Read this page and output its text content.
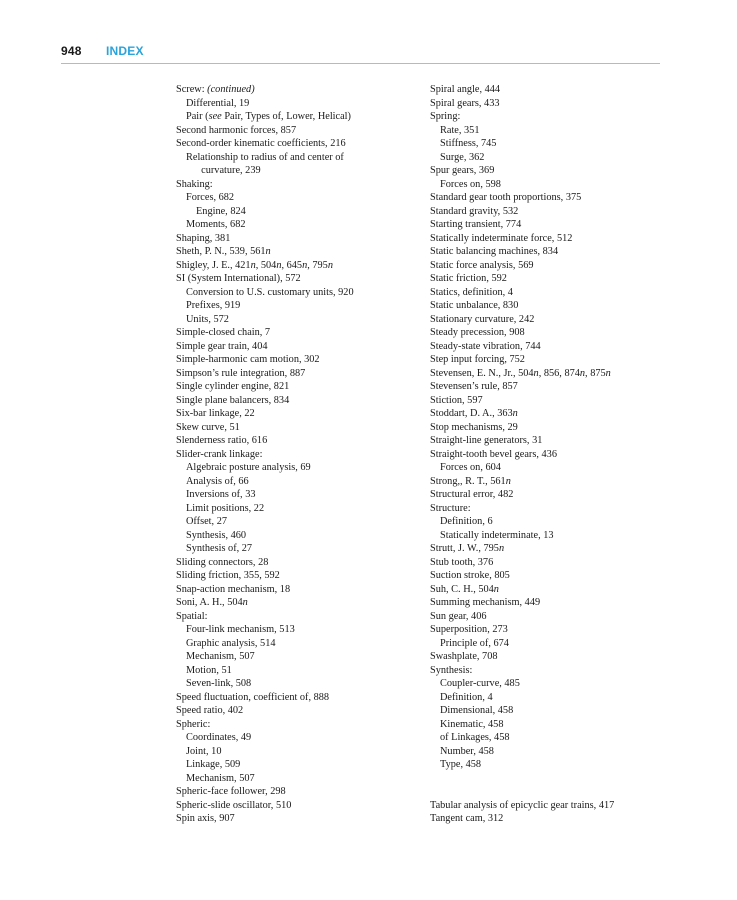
948 INDEX
Screw: (continued)
Differential, 19
Pair (see Pair, Types of, Lower, Helical)
Second harmonic forces, 857
Second-order kinematic coefficients, 216
Relationship to radius of and center of
curvature, 239
Shaking:
Forces, 682
Engine, 824
Moments, 682
Shaping, 381
Sheth, P. N., 539, 561n
Shigley, J. E., 421n, 504n, 645n, 795n
SI (System International), 572
Conversion to U.S. customary units, 920
Prefixes, 919
Units, 572
Simple-closed chain, 7
Simple gear train, 404
Simple-harmonic cam motion, 302
Simpson’s rule integration, 887
Single cylinder engine, 821
Single plane balancers, 834
Six-bar linkage, 22
Skew curve, 51
Slenderness ratio, 616
Slider-crank linkage:
Algebraic posture analysis, 69
Analysis of, 66
Inversions of, 33
Limit positions, 22
Offset, 27
Synthesis, 460
Synthesis of, 27
Sliding connectors, 28
Sliding friction, 355, 592
Snap-action mechanism, 18
Soni, A. H., 504n
Spatial:
Four-link mechanism, 513
Graphic analysis, 514
Mechanism, 507
Motion, 51
Seven-link, 508
Speed fluctuation, coefficient of, 888
Speed ratio, 402
Spheric:
Coordinates, 49
Joint, 10
Linkage, 509
Mechanism, 507
Spheric-face follower, 298
Spheric-slide oscillator, 510
Spin axis, 907
Spiral angle, 444
Spiral gears, 433
Spring:
Rate, 351
Stiffness, 745
Surge, 362
Spur gears, 369
Forces on, 598
Standard gear tooth proportions, 375
Standard gravity, 532
Starting transient, 774
Statically indeterminate force, 512
Static balancing machines, 834
Static force analysis, 569
Static friction, 592
Statics, definition, 4
Static unbalance, 830
Stationary curvature, 242
Steady precession, 908
Steady-state vibration, 744
Step input forcing, 752
Stevensen, E. N., Jr., 504n, 856, 874n, 875n
Stevensen’s rule, 857
Stiction, 597
Stoddart, D. A., 363n
Stop mechanisms, 29
Straight-line generators, 31
Straight-tooth bevel gears, 436
Forces on, 604
Strong,, R. T., 561n
Structural error, 482
Structure:
Definition, 6
Statically indeterminate, 13
Strutt, J. W., 795n
Stub tooth, 376
Suction stroke, 805
Suh, C. H., 504n
Summing mechanism, 449
Sun gear, 406
Superposition, 273
Principle of, 674
Swashplate, 708
Synthesis:
Coupler-curve, 485
Definition, 4
Dimensional, 458
Kinematic, 458
of Linkages, 458
Number, 458
Type, 458
Tabular analysis of epicyclic gear trains, 417
Tangent cam, 312
